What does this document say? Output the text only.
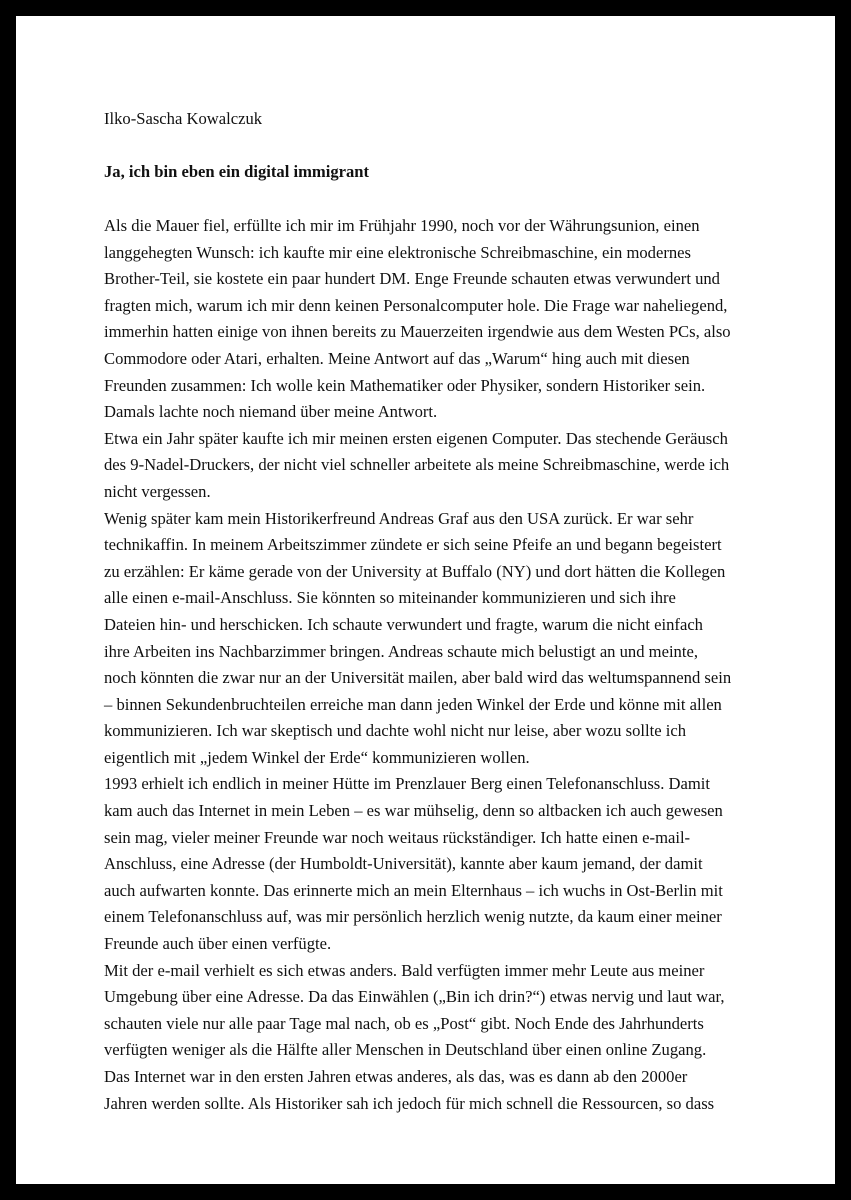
Ilko-Sascha Kowalczuk

Ja, ich bin eben ein digital immigrant

Als die Mauer fiel, erfüllte ich mir im Frühjahr 1990, noch vor der Währungsunion, einen
langgehegten Wunsch: ich kaufte mir eine elektronische Schreibmaschine, ein modernes
Brother-Teil, sie kostete ein paar hundert DM. Enge Freunde schauten etwas verwundert und
fragten mich, warum ich mir denn keinen Personalcomputer hole. Die Frage war naheliegend,
immerhin hatten einige von ihnen bereits zu Mauerzeiten irgendwie aus dem Westen PCs, also
Commodore oder Atari, erhalten. Meine Antwort auf das „Warum“ hing auch mit diesen
Freunden zusammen: Ich wolle kein Mathematiker oder Physiker, sondern Historiker sein.
Damals lachte noch niemand über meine Antwort.
Etwa ein Jahr später kaufte ich mir meinen ersten eigenen Computer. Das stechende Geräusch
des 9-Nadel-Druckers, der nicht viel schneller arbeitete als meine Schreibmaschine, werde ich
nicht vergessen.
Wenig später kam mein Historikerfreund Andreas Graf aus den USA zurück. Er war sehr
technikaffin. In meinem Arbeitszimmer zündete er sich seine Pfeife an und begann begeistert
zu erzählen: Er käme gerade von der University at Buffalo (NY) und dort hätten die Kollegen
alle einen e-mail-Anschluss. Sie könnten so miteinander kommunizieren und sich ihre
Dateien hin- und herschicken. Ich schaute verwundert und fragte, warum die nicht einfach
ihre Arbeiten ins Nachbarzimmer bringen. Andreas schaute mich belustigt an und meinte,
noch könnten die zwar nur an der Universität mailen, aber bald wird das weltumspannend sein
– binnen Sekundenbruchteilen erreiche man dann jeden Winkel der Erde und könne mit allen
kommunizieren. Ich war skeptisch und dachte wohl nicht nur leise, aber wozu sollte ich
eigentlich mit „jedem Winkel der Erde“ kommunizieren wollen.
1993 erhielt ich endlich in meiner Hütte im Prenzlauer Berg einen Telefonanschluss. Damit
kam auch das Internet in mein Leben – es war mühselig, denn so altbacken ich auch gewesen
sein mag, vieler meiner Freunde war noch weitaus rückständiger. Ich hatte einen e-mail-
Anschluss, eine Adresse (der Humboldt-Universität), kannte aber kaum jemand, der damit
auch aufwarten konnte. Das erinnerte mich an mein Elternhaus – ich wuchs in Ost-Berlin mit
einem Telefonanschluss auf, was mir persönlich herzlich wenig nutzte, da kaum einer meiner
Freunde auch über einen verfügte.
Mit der e-mail verhielt es sich etwas anders. Bald verfügten immer mehr Leute aus meiner
Umgebung über eine Adresse. Da das Einwählen („Bin ich drin?“) etwas nervig und laut war,
schauten viele nur alle paar Tage mal nach, ob es „Post“ gibt. Noch Ende des Jahrhunderts
verfügten weniger als die Hälfte aller Menschen in Deutschland über einen online Zugang.
Das Internet war in den ersten Jahren etwas anderes, als das, was es dann ab den 2000er
Jahren werden sollte. Als Historiker sah ich jedoch für mich schnell die Ressourcen, so dass
